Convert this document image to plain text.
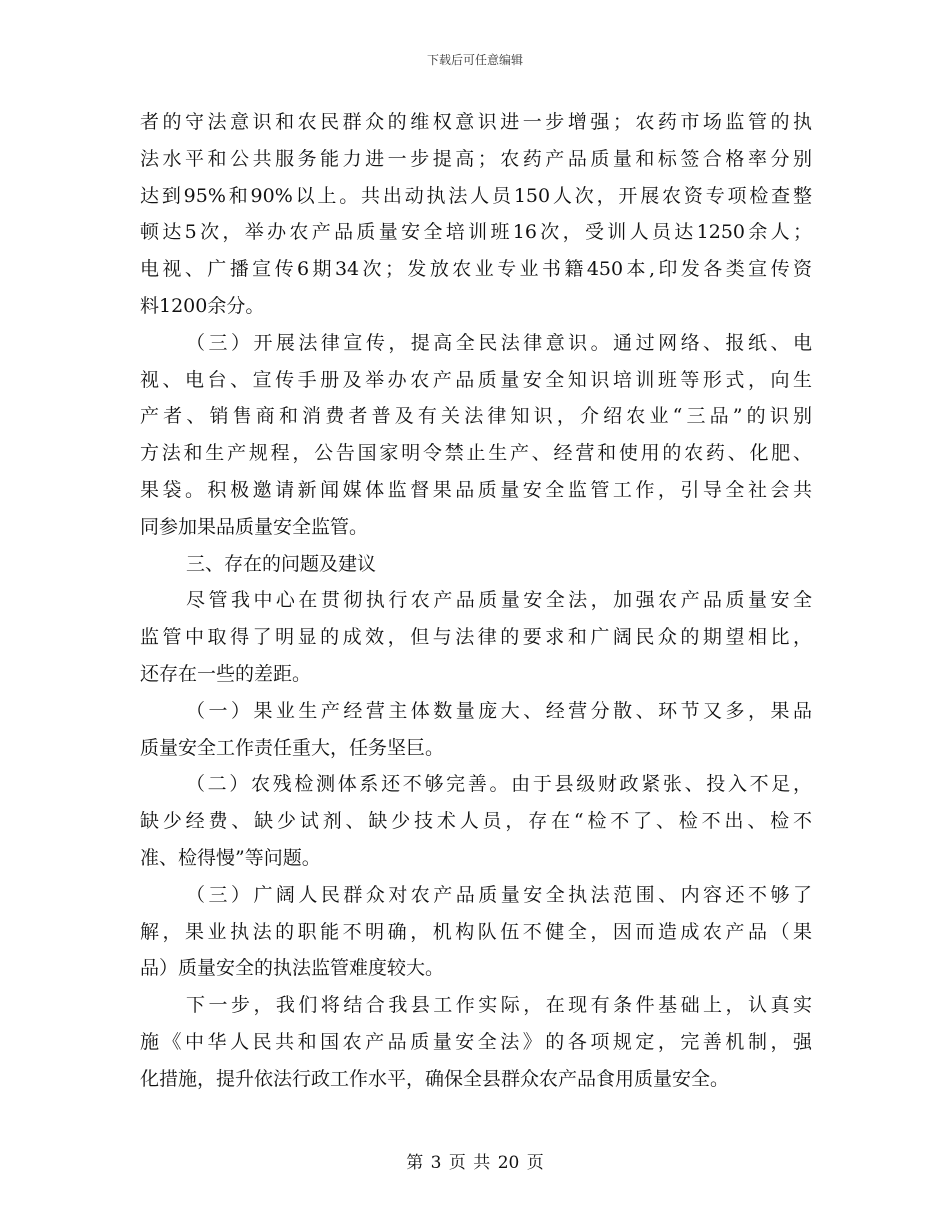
下载后可任意编辑
者的守法意识和农民群众的维权意识进一步增强；农药市场监管的执
法水平和公共服务能力进一步提高；农药产品质量和标签合格率分别
达到95%和90%以上。共出动执法人员150人次，开展农资专项检查整
顿达5次，举办农产品质量安全培训班16次，受训人员达1250余人；
电视、广播宣传6期34次；发放农业专业书籍450本,印发各类宣传资
料1200余分。
（三）开展法律宣传，提高全民法律意识。通过网络、报纸、电
视、电台、宣传手册及举办农产品质量安全知识培训班等形式，向生
产者、销售商和消费者普及有关法律知识，介绍农业“三品”的识别
方法和生产规程，公告国家明令禁止生产、经营和使用的农药、化肥、
果袋。积极邀请新闻媒体监督果品质量安全监管工作，引导全社会共
同参加果品质量安全监管。
三、存在的问题及建议
尽管我中心在贯彻执行农产品质量安全法，加强农产品质量安全
监管中取得了明显的成效，但与法律的要求和广阔民众的期望相比，
还存在一些的差距。
（一）果业生产经营主体数量庞大、经营分散、环节又多，果品
质量安全工作责任重大，任务坚巨。
（二）农残检测体系还不够完善。由于县级财政紧张、投入不足，
缺少经费、缺少试剂、缺少技术人员，存在“检不了、检不出、检不
准、检得慢”等问题。
（三）广阔人民群众对农产品质量安全执法范围、内容还不够了
解，果业执法的职能不明确，机构队伍不健全，因而造成农产品（果
品）质量安全的执法监管难度较大。
下一步，我们将结合我县工作实际，在现有条件基础上，认真实
施《中华人民共和国农产品质量安全法》的各项规定，完善机制，强
化措施，提升依法行政工作水平，确保全县群众农产品食用质量安全。
第 3 页 共 20 页
